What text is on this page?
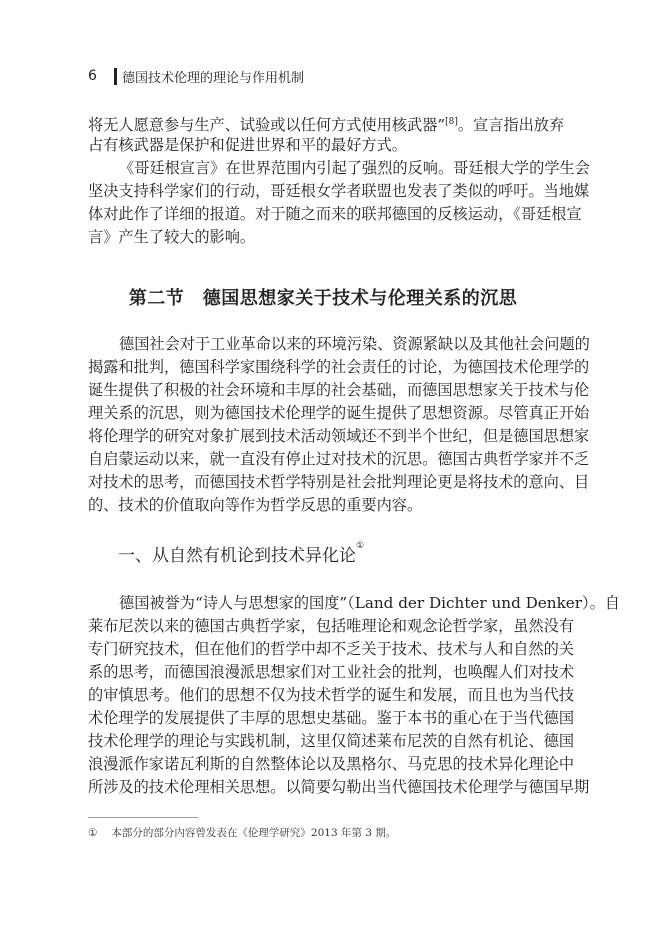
6	德国技术伦理的理论与作用机制
将无人愿意参与生产、试验或以任何方式使用核武器”[8]。宣言指出放弃
占有核武器是保护和促进世界和平的最好方式。
《哥廷根宣言》在世界范围内引起了强烈的反响。哥廷根大学的学生会
坚决支持科学家们的行动，哥廷根女学者联盟也发表了类似的呼吁。当地媒
体对此作了详细的报道。对于随之而来的联邦德国的反核运动，《哥廷根宣
言》产生了较大的影响。
第二节　德国思想家关于技术与伦理关系的沉思
德国社会对于工业革命以来的环境污染、资源紧缺以及其他社会问题的
揭露和批判，德国科学家围绕科学的社会责任的讨论，为德国技术伦理学的
诞生提供了积极的社会环境和丰厚的社会基础，而德国思想家关于技术与伦
理关系的沉思，则为德国技术伦理学的诞生提供了思想资源。尽管真正开始
将伦理学的研究对象扩展到技术活动领域还不到半个世纪，但是德国思想家
自启蒙运动以来，就一直没有停止过对技术的沉思。德国古典哲学家并不乏
对技术的思考，而德国技术哲学特别是社会批判理论更是将技术的意向、目
的、技术的价值取向等作为哲学反思的重要内容。
一、从自然有机论到技术异化论①
德国被誉为“诗人与思想家的国度”（Land der Dichter und Denker）。自
莱布尼茨以来的德国古典哲学家，包括唯理论和观念论哲学家，虽然没有
专门研究技术，但在他们的哲学中却不乏关于技术、技术与人和自然的关
系的思考，而德国浪漫派思想家们对工业社会的批判，也唤醒人们对技术
的审慎思考。他们的思想不仅为技术哲学的诞生和发展，而且也为当代技
术伦理学的发展提供了丰厚的思想史基础。鉴于本书的重心在于当代德国
技术伦理学的理论与实践机制，这里仅简述莱布尼茨的自然有机论、德国
浪漫派作家诺瓦利斯的自然整体论以及黑格尔、马克思的技术异化理论中
所涉及的技术伦理相关思想。以简要勾勒出当代德国技术伦理学与德国早期
① 本部分的部分内容曾发表在《伦理学研究》2013 年第 3 期。
